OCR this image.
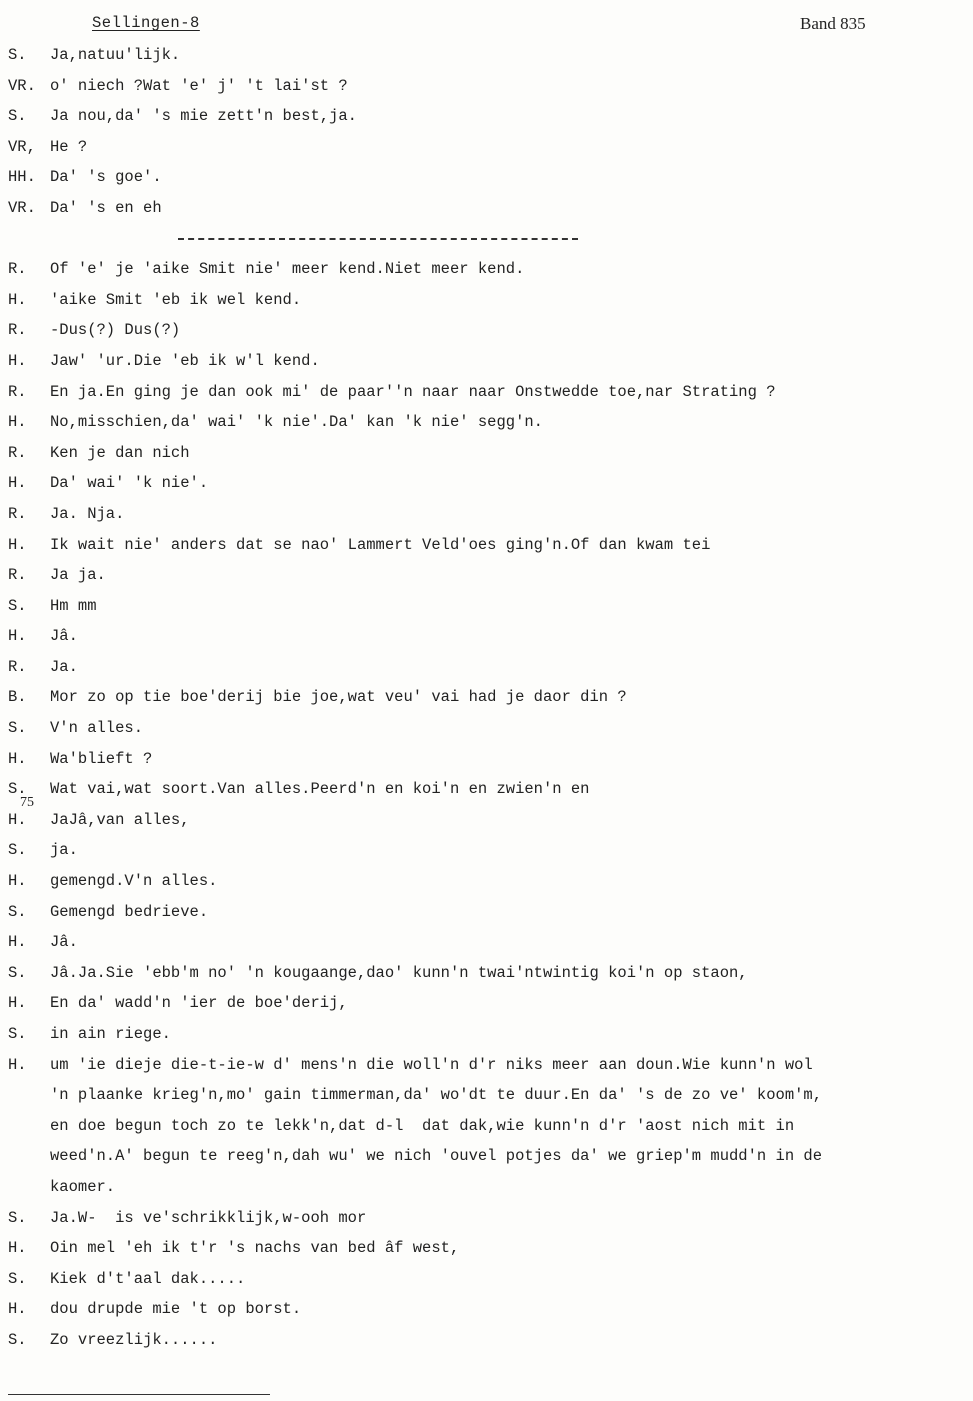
Sellingen-8	Band 835
S. Ja,natuu'lijk.
VR. o' niech ?Wat 'e' j' 't lai'st ?
S. Ja nou,da' 's mie zett'n best,ja.
VR, He ?
HH. Da' 's goe'.
VR. Da' 's en eh
R. Of 'e' je 'aike Smit nie' meer kend.Niet meer kend.
H. 'aike Smit 'eb ik wel kend.
R. -Dus(?) Dus(?)
H. Jaw' 'ur.Die 'eb ik w'l kend.
R. En ja.En ging je dan ook mi' de paar''n naar naar Onstwedde toe,nar Strating ?
H. No,misschien,da' wai' 'k nie'.Da' kan 'k nie' segg'n.
R. Ken je dan nich
H. Da' wai' 'k nie'.
R. Ja. Nja.
H. Ik wait nie' anders dat se nao' Lammert Veld'oes ging'n.Of dan kwam tei
R. Ja ja.
S. Hm mm
H. Jâ.
R. Ja.
B. Mor zo op tie boe'derij bie joe,wat veu' vai had je daor din ?
S. V'n alles.
H. Wa'blieft ?
S. Wat vai,wat soort.Van alles.Peerd'n en koi'n en zwien'n en
75
H. JaJâ,van alles,
S. ja.
H. gemengd.V'n alles.
S. Gemengd bedrieve.
H. Jâ.
S. Jâ.Ja.Sie 'ebb'm no' 'n kougaange,dao' kunn'n twai'ntwintig koi'n op staon,
H. En da' wadd'n 'ier de boe'derij,
S. in ain riege.
H. um 'ie dieje die-t-ie-w d' mens'n die woll'n d'r niks meer aan doun.Wie kunn'n wol
'n plaanke krieg'n,mo' gain timmerman,da' wo'dt te duur.En da' 's de zo ve' koom'm,
en doe begun toch zo te lekk'n,dat d-l  dat dak,wie kunn'n d'r 'aost nich mit in
weed'n.A' begun te reeg'n,dah wu' we nich 'ouvel potjes da' we griep'm mudd'n in de
kaomer.
S. Ja.W-  is ve'schrikklijk,w-ooh mor
H. Oin mel 'eh ik t'r 's nachs van bed âf west,
S. Kiek d't'aal dak.....
H. dou drupde mie 't op borst.
S. Zo vreezlijk......
